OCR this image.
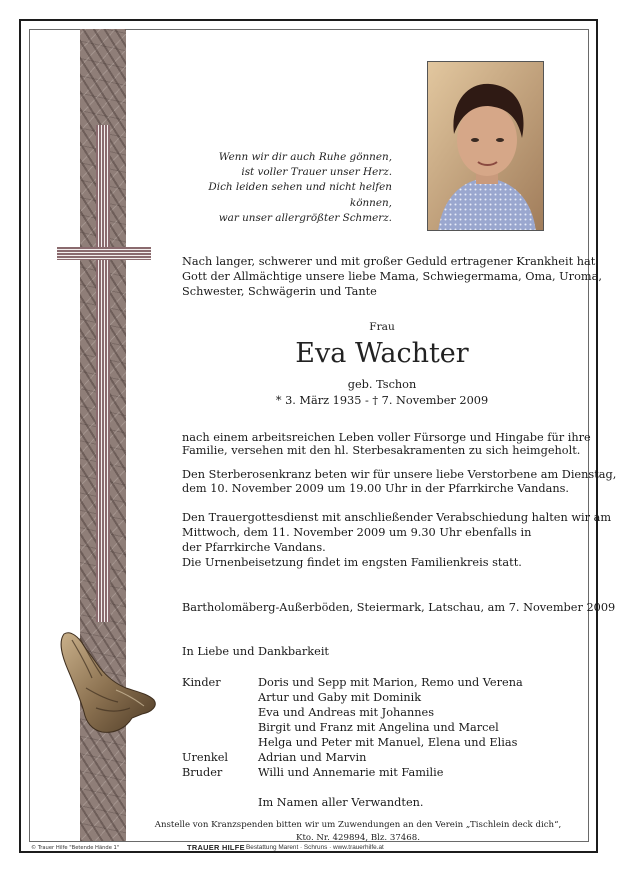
Wenn wir dir auch Ruhe gönnen,
ist voller Trauer unser Herz.
Dich leiden sehen und nicht helfen können,
war unser allergrößter Schmerz.
Nach langer, schwerer und mit großer Geduld ertragener Krankheit hat
Gott der Allmächtige unsere liebe Mama, Schwiegermama, Oma, Uroma,
Schwester, Schwägerin und Tante
Frau
Eva Wachter
geb. Tschon
* 3. März 1935 - † 7. November 2009
nach einem arbeitsreichen Leben voller Fürsorge und Hingabe für ihre
Familie, versehen mit den hl. Sterbesakramenten zu sich heimgeholt.
Den Sterberosenkranz beten wir für unsere liebe Verstorbene am Dienstag,
dem 10. November 2009 um 19.00 Uhr in der Pfarrkirche Vandans.
Den Trauergottesdienst mit anschließender Verabschiedung halten wir am
Mittwoch, dem 11. November 2009 um 9.30 Uhr ebenfalls in
der Pfarrkirche Vandans.
Die Urnenbeisetzung findet im engsten Familienkreis statt.
Bartholomäberg-Außerböden, Steiermark, Latschau, am 7. November 2009
In Liebe und Dankbarkeit
Kinder	Doris und Sepp mit Marion, Remo und Verena
Artur und Gaby mit Dominik
Eva und Andreas mit Johannes
Birgit und Franz mit Angelina und Marcel
Helga und Peter mit Manuel, Elena und Elias
Urenkel	Adrian und Marvin
Bruder	Willi und Annemarie mit Familie
Im Namen aller Verwandten.
Anstelle von Kranzspenden bitten wir um Zuwendungen an den Verein „Tischlein deck dich“,
Kto. Nr. 429894, Blz. 37468.
© Trauer Hilfe "Betende Hände 1"	TRAUER HILFE Bestattung Marent · Schruns · www.trauerhilfe.at
